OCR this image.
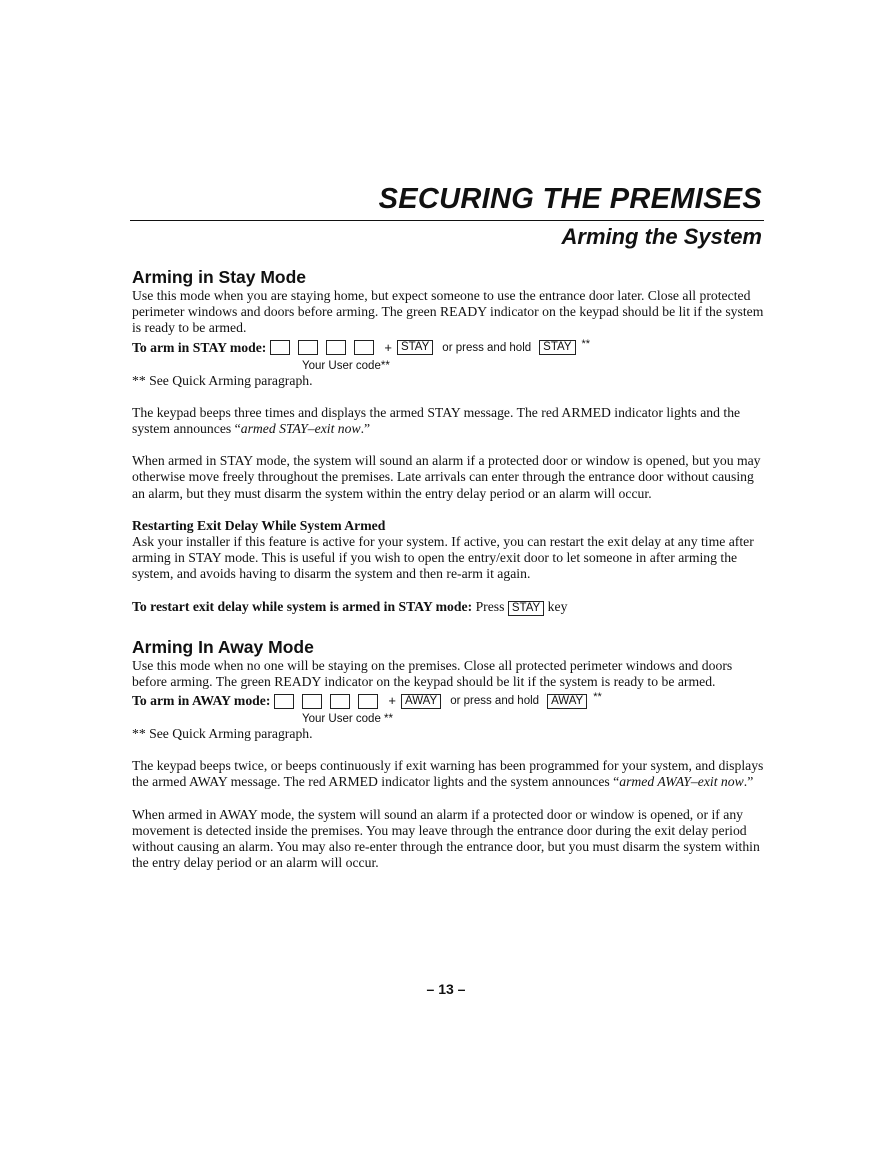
SECURING THE PREMISES
Arming the System
Arming in Stay Mode

Use this mode when you are staying home, but expect someone to use the entrance door later. Close all protected perimeter windows and doors before arming. The green READY indicator on the keypad should be lit if the system is ready to be armed.

To arm in STAY mode:	+ STAY	or press and hold	STAY **
Your User code**

** See Quick Arming paragraph.

The keypad beeps three times and displays the armed STAY message. The red ARMED indicator lights and the system announces “armed STAY–exit now.”

When armed in STAY mode, the system will sound an alarm if a protected door or window is opened, but you may otherwise move freely throughout the premises. Late arrivals can enter through the entrance door without causing an alarm, but they must disarm the system within the entry delay period or an alarm will occur.

Restarting Exit Delay While System Armed

Ask your installer if this feature is active for your system. If active, you can restart the exit delay at any time after arming in STAY mode. This is useful if you wish to open the entry/exit door to let someone in after arming the system, and avoids having to disarm the system and then re-arm it again.

To restart exit delay while system is armed in STAY mode: Press STAY key

Arming In Away Mode

Use this mode when no one will be staying on the premises. Close all protected perimeter windows and doors before arming. The green READY indicator on the keypad should be lit if the system is ready to be armed.

To arm in AWAY mode:	+ AWAY	or press and hold	AWAY **
Your User code **

** See Quick Arming paragraph.

The keypad beeps twice, or beeps continuously if exit warning has been programmed for your system, and displays the armed AWAY message. The red ARMED indicator lights and the system announces “armed AWAY–exit now.”

When armed in AWAY mode, the system will sound an alarm if a protected door or window is opened, or if any movement is detected inside the premises. You may leave through the entrance door during the exit delay period without causing an alarm. You may also re-enter through the entrance door, but you must disarm the system within the entry delay period or an alarm will occur.

– 13 –
